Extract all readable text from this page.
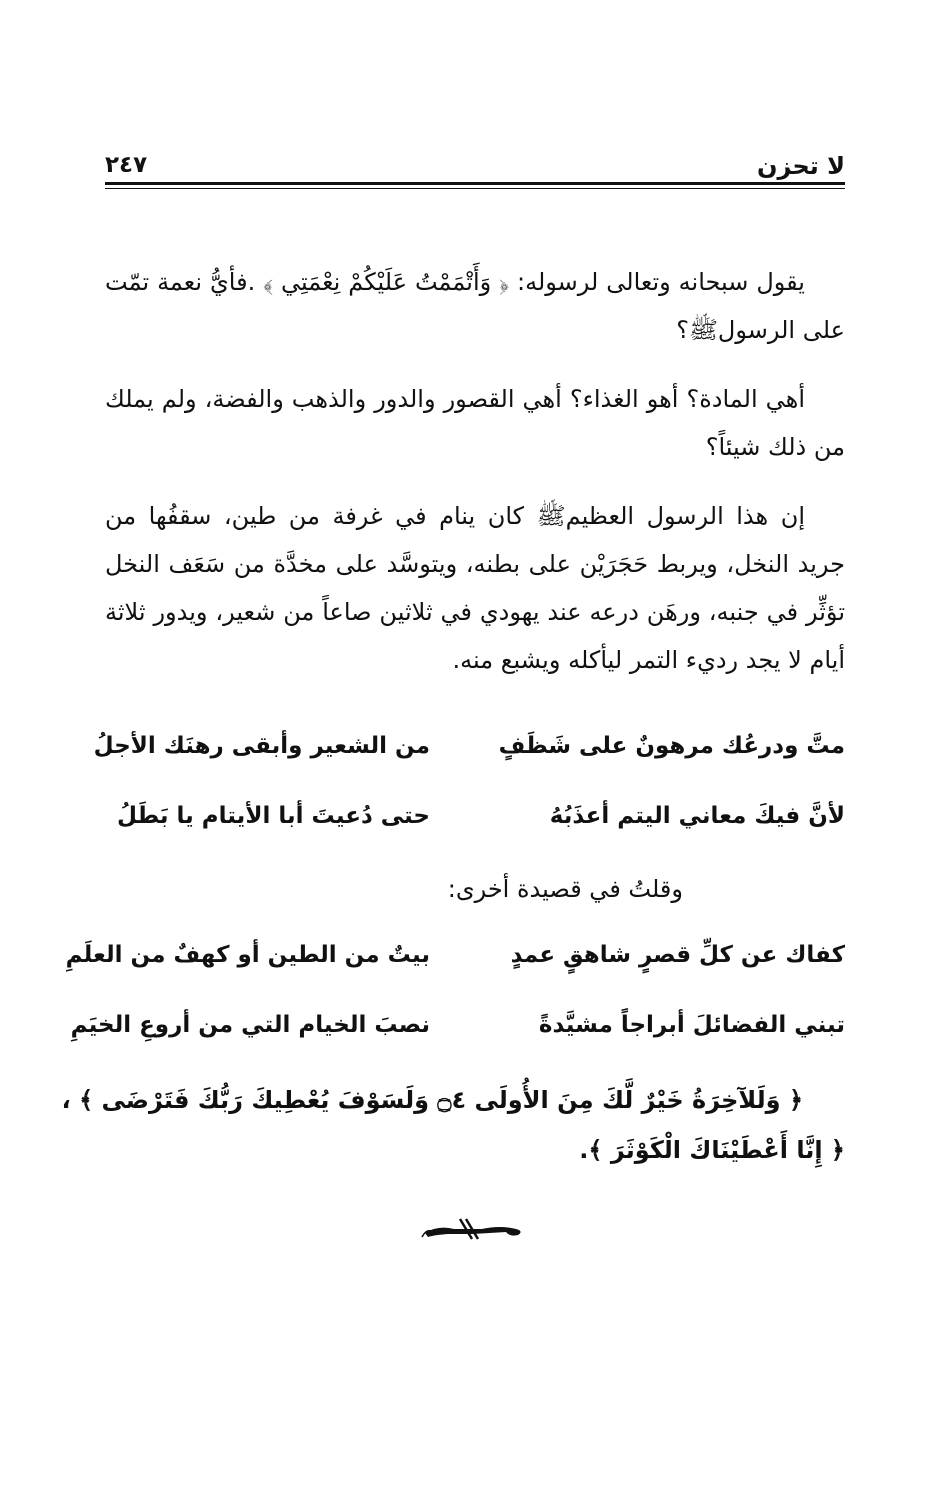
لا تحزن
٢٤٧

يقول سبحانه وتعالى لرسوله: ﴿ وَأَتْمَمْتُ عَلَيْكُمْ نِعْمَتِي ﴾ .فأيُّ نعمة تمّت على الرسولﷺ؟

أهي المادة؟ أهو الغذاء؟ أهي القصور والدور والذهب والفضة، ولم يملك من ذلك شيئاً؟

إن هذا الرسول العظيمﷺ كان ينام في غرفة من طين، سقفُها من جريد النخل، ويربط حَجَرَيْن على بطنه، ويتوسَّد على مخدَّة من سَعَف النخل تؤثِّر في جنبه، ورهَن درعه عند يهودي في ثلاثين صاعاً من شعير، ويدور ثلاثة أيام لا يجد رديء التمر ليأكله ويشبع منه.

متَّ ودرعُك مرهونٌ على شَظَفٍ
من الشعير وأبقى رهنَك الأجلُ
لأنَّ فيكَ معاني اليتم أعذَبُهُ
حتى دُعيتَ أبا الأيتام يا بَطَلُ
وقلتُ في قصيدة أخرى:
كفاك عن كلِّ قصرٍ شاهقٍ عمدٍ
بيتٌ من الطين أو كهفٌ من العلَمِ
تبني الفضائلَ أبراجاً مشيَّدةً
نصبَ الخيام التي من أروعِ الخيَمِ
﴿ وَلَلآخِرَةُ خَيْرٌ لَّكَ مِنَ الأُولَى ۝٤ وَلَسَوْفَ يُعْطِيكَ رَبُّكَ فَتَرْضَى ﴾ ،
﴿ إِنَّا أَعْطَيْنَاكَ الْكَوْثَرَ ﴾.
